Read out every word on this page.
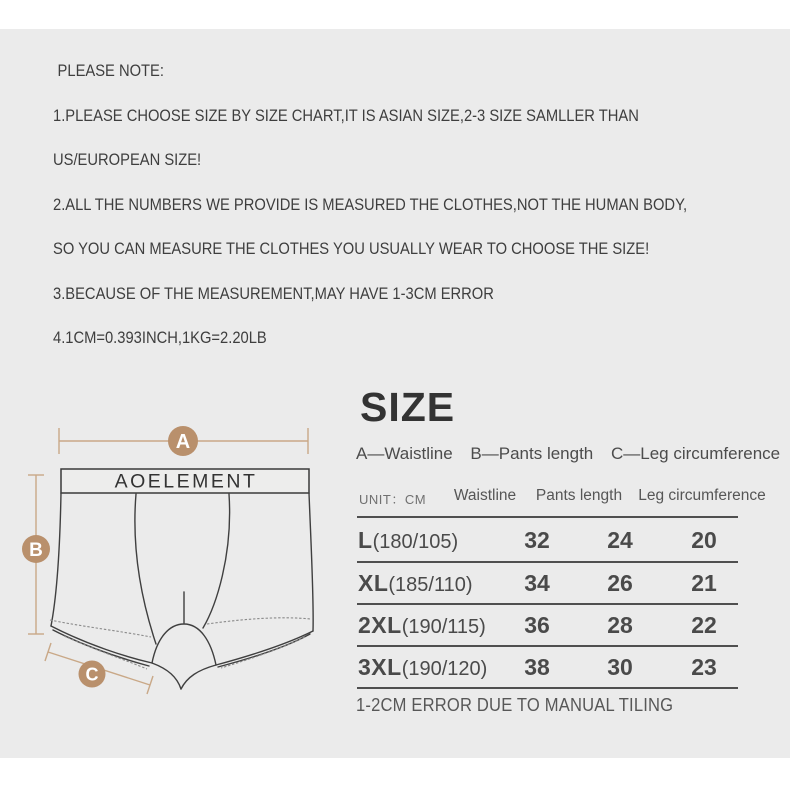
PLEASE NOTE:
1.PLEASE CHOOSE SIZE BY SIZE CHART,IT IS ASIAN SIZE,2-3 SIZE SAMLLER THAN
US/EUROPEAN SIZE!
2.ALL THE NUMBERS WE PROVIDE IS MEASURED THE CLOTHES,NOT THE HUMAN BODY,
SO YOU CAN MEASURE THE CLOTHES YOU USUALLY WEAR TO CHOOSE THE SIZE!
3.BECAUSE OF THE MEASUREMENT,MAY HAVE 1-3CM ERROR
4.1CM=0.393INCH,1KG=2.20LB
AOELEMENT
A
B
C
SIZE
A—Waistline B—Pants length C—Leg circumference
UNIT：CM	Waistline	Pants length	Leg circumference
L(180/105)	32	24	20
XL(185/110)	34	26	21
2XL(190/115)	36	28	22
3XL(190/120)	38	30	23
1-2CM ERROR DUE TO MANUAL TILING
